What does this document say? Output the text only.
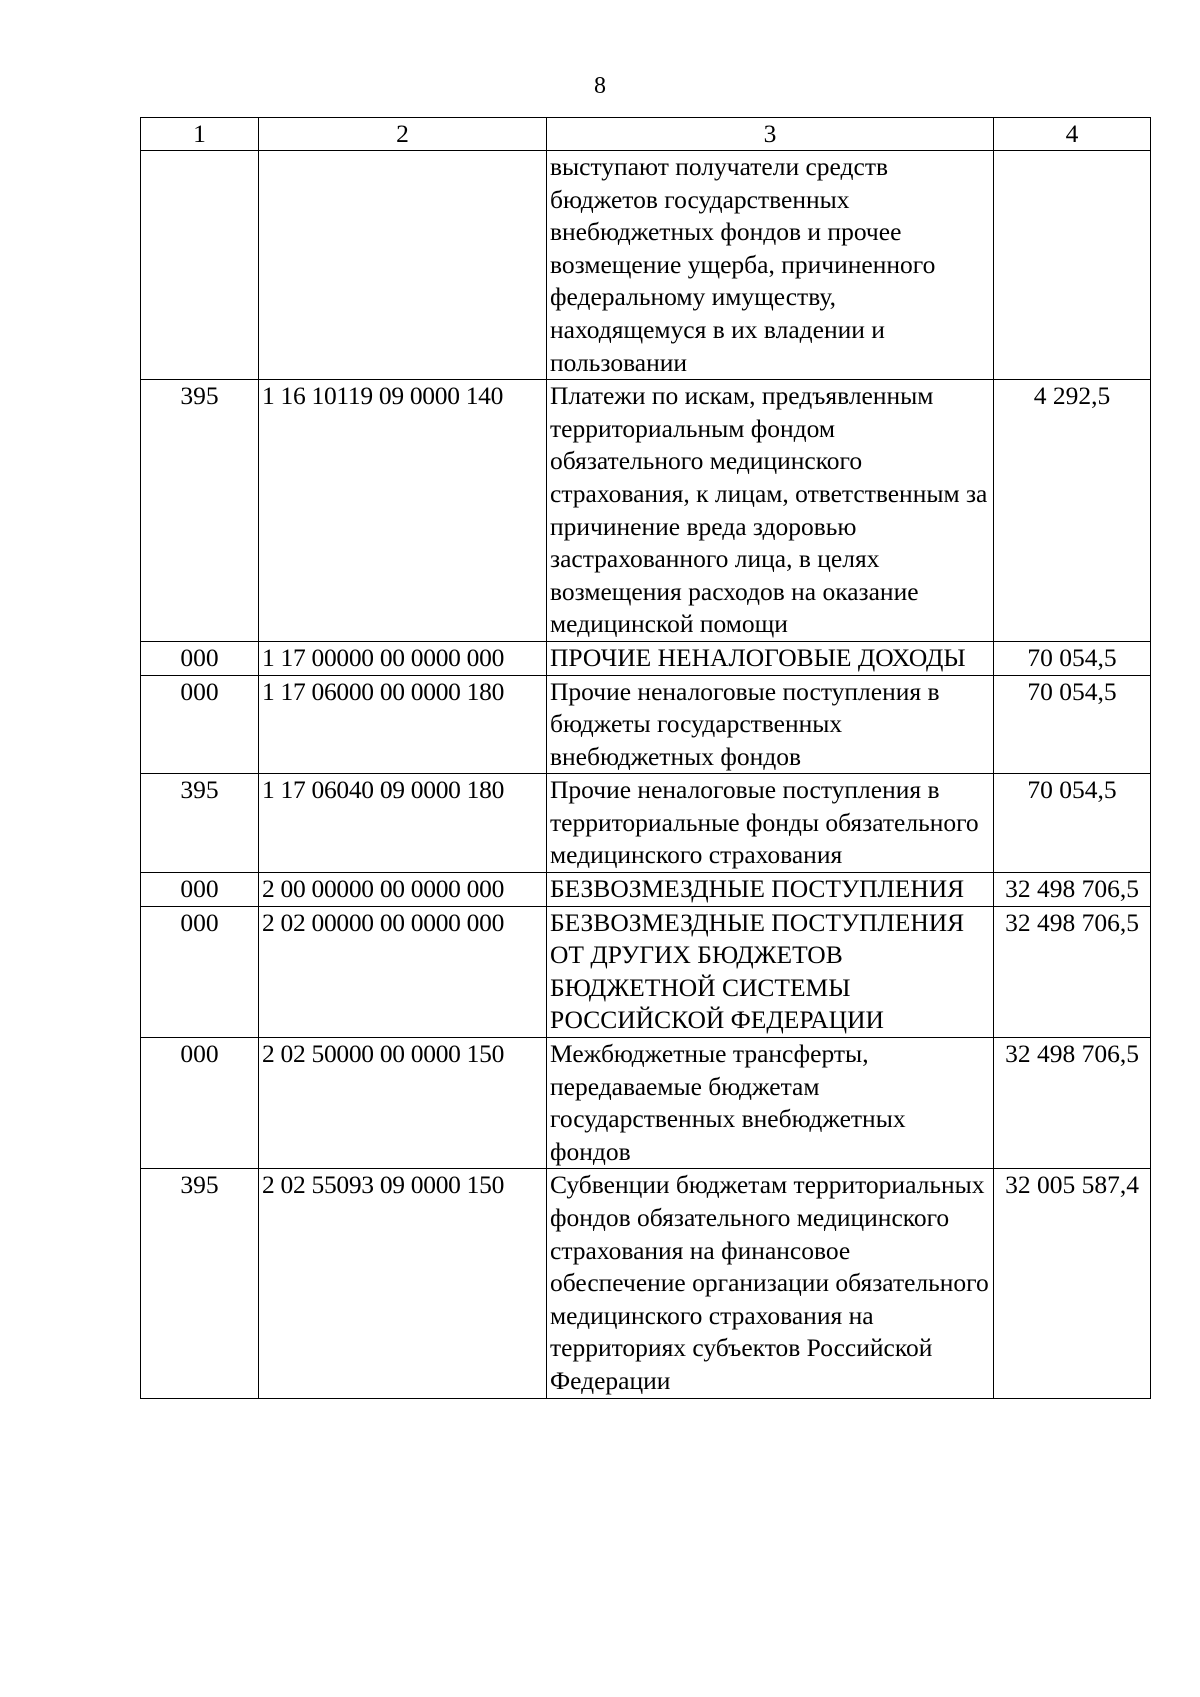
8
1	2	3	4
		выступают получатели средств бюджетов государственных внебюджетных фондов и прочее возмещение ущерба, причиненного федеральному имуществу, находящемуся в их владении и пользовании	
395	1 16 10119 09 0000 140	Платежи по искам, предъявленным территориальным фондом обязательного медицинского страхования, к лицам, ответственным за причинение вреда здоровью застрахованного лица, в целях возмещения расходов на оказание медицинской помощи	4 292,5
000	1 17 00000 00 0000 000	ПРОЧИЕ НЕНАЛОГОВЫЕ ДОХОДЫ	70 054,5
000	1 17 06000 00 0000 180	Прочие неналоговые поступления в бюджеты государственных внебюджетных фондов	70 054,5
395	1 17 06040 09 0000 180	Прочие неналоговые поступления в территориальные фонды обязательного медицинского страхования	70 054,5
000	2 00 00000 00 0000 000	БЕЗВОЗМЕЗДНЫЕ ПОСТУПЛЕНИЯ	32 498 706,5
000	2 02 00000 00 0000 000	БЕЗВОЗМЕЗДНЫЕ ПОСТУПЛЕНИЯ ОТ ДРУГИХ БЮДЖЕТОВ БЮДЖЕТНОЙ СИСТЕМЫ РОССИЙСКОЙ ФЕДЕРАЦИИ	32 498 706,5
000	2 02 50000 00 0000 150	Межбюджетные трансферты, передаваемые бюджетам государственных внебюджетных фондов	32 498 706,5
395	2 02 55093 09 0000 150	Субвенции бюджетам территориальных фондов обязательного медицинского страхования на финансовое обеспечение организации обязательного медицинского страхования на территориях субъектов Российской Федерации	32 005 587,4
